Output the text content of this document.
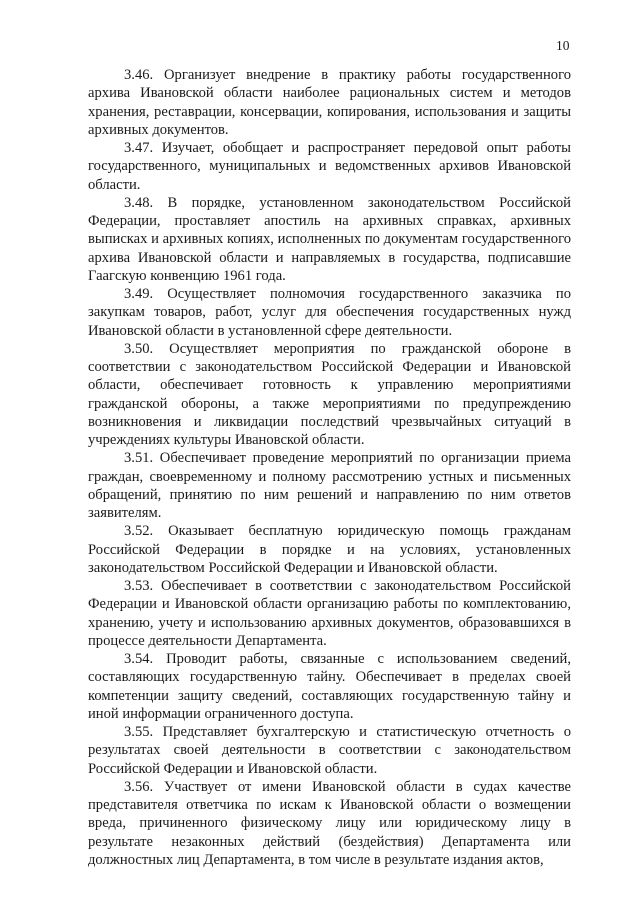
10

3.46. Организует внедрение в практику работы государственного архива Ивановской области наиболее рациональных систем и методов хранения, реставрации, консервации, копирования, использования и защиты архивных документов.

3.47. Изучает, обобщает и распространяет передовой опыт работы государственного, муниципальных и ведомственных архивов Ивановской области.

3.48. В порядке, установленном законодательством Российской Федерации, проставляет апостиль на архивных справках, архивных выписках и архивных копиях, исполненных по документам государственного архива Ивановской области и направляемых в государства, подписавшие Гаагскую конвенцию 1961 года.

3.49. Осуществляет полномочия государственного заказчика по закупкам товаров, работ, услуг для обеспечения государственных нужд Ивановской области в установленной сфере деятельности.

3.50. Осуществляет мероприятия по гражданской обороне в соответствии с законодательством Российской Федерации и Ивановской области, обеспечивает готовность к управлению мероприятиями гражданской обороны, а также мероприятиями по предупреждению возникновения и ликвидации последствий чрезвычайных ситуаций в учреждениях культуры Ивановской области.

3.51. Обеспечивает проведение мероприятий по организации приема граждан, своевременному и полному рассмотрению устных и письменных обращений, принятию по ним решений и направлению по ним ответов заявителям.

3.52. Оказывает бесплатную юридическую помощь гражданам Российской Федерации в порядке и на условиях, установленных законодательством Российской Федерации и Ивановской области.

3.53. Обеспечивает в соответствии с законодательством Российской Федерации и Ивановской области организацию работы по комплектованию, хранению, учету и использованию архивных документов, образовавшихся в процессе деятельности Департамента.

3.54. Проводит работы, связанные с использованием сведений, составляющих государственную тайну. Обеспечивает в пределах своей компетенции защиту сведений, составляющих государственную тайну и иной информации ограниченного доступа.

3.55. Представляет бухгалтерскую и статистическую отчетность о результатах своей деятельности в соответствии с законодательством Российской Федерации и Ивановской области.

3.56. Участвует от имени Ивановской области в судах качестве представителя ответчика по искам к Ивановской области о возмещении вреда, причиненного физическому лицу или юридическому лицу в результате незаконных действий (бездействия) Департамента или должностных лиц Департамента, в том числе в результате издания актов,
